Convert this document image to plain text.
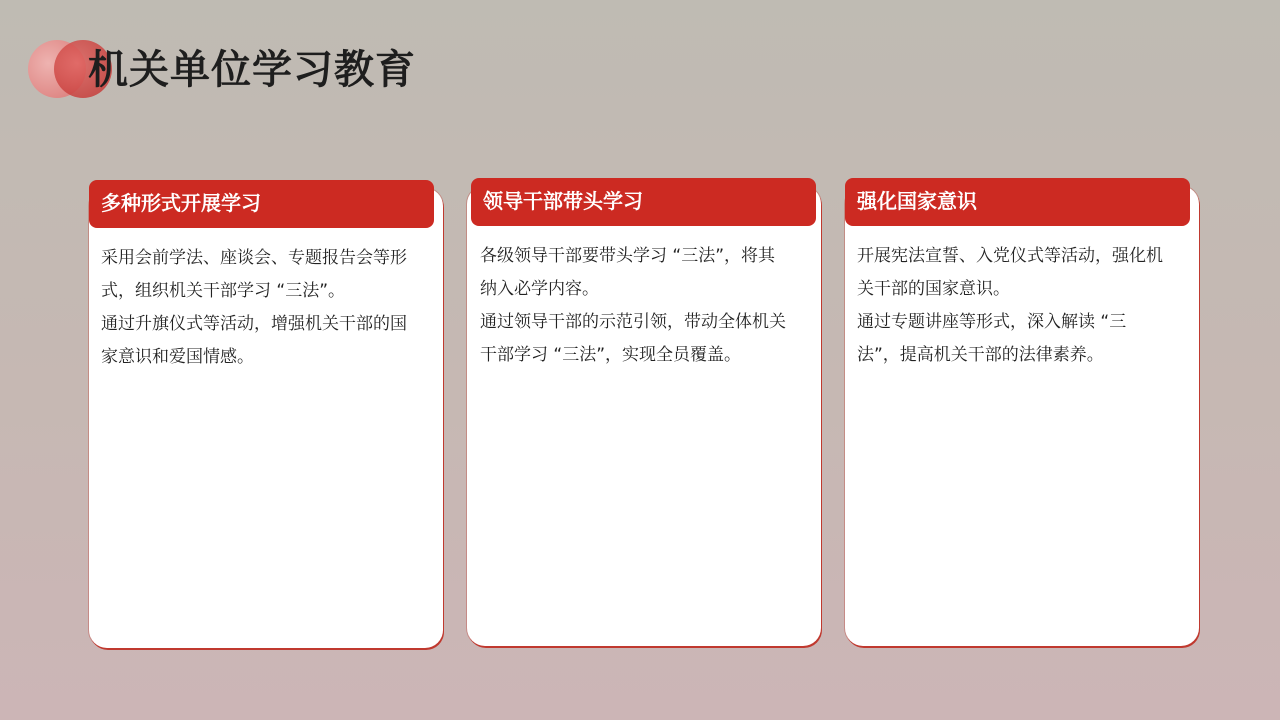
机关单位学习教育
多种形式开展学习

采用会前学法、座谈会、专题报告会等形式，组织机关干部学习 “三法”。

通过升旗仪式等活动，增强机关干部的国家意识和爱国情感。

领导干部带头学习

各级领导干部要带头学习 “三法”，将其纳入必学内容。

通过领导干部的示范引领，带动全体机关干部学习 “三法”，实现全员覆盖。

强化国家意识

开展宪法宣誓、入党仪式等活动，强化机关干部的国家意识。

通过专题讲座等形式，深入解读 “三法”，提高机关干部的法律素养。
